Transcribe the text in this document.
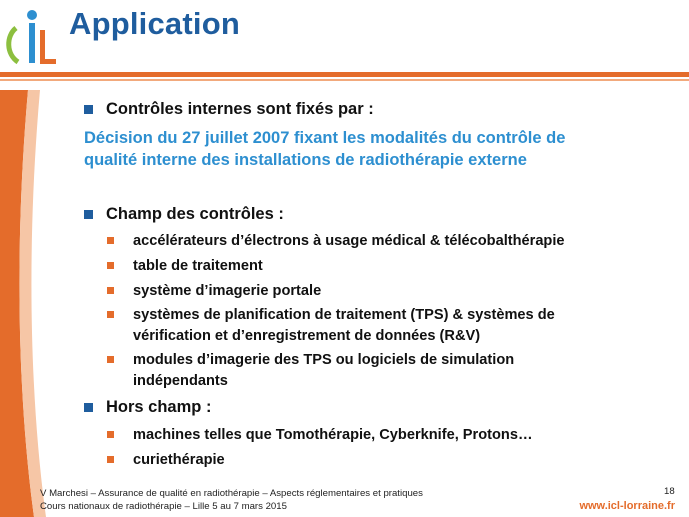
Application
Contrôles internes sont fixés par :
Décision du 27 juillet 2007 fixant les modalités du contrôle de
qualité interne des installations de radiothérapie externe
Champ des contrôles :
accélérateurs d’électrons à usage médical & télécobalthérapie
table de traitement
système d’imagerie portale
systèmes de planification de traitement (TPS) & systèmes de
vérification et d’enregistrement de données (R&V)
modules d’imagerie des TPS ou logiciels de simulation
indépendants
Hors champ :
machines telles que Tomothérapie, Cyberknife, Protons…
curiethérapie
V Marchesi – Assurance de qualité en radiothérapie – Aspects réglementaires et pratiques
Cours nationaux de radiothérapie – Lille 5 au 7 mars 2015
18
www.icl-lorraine.fr
